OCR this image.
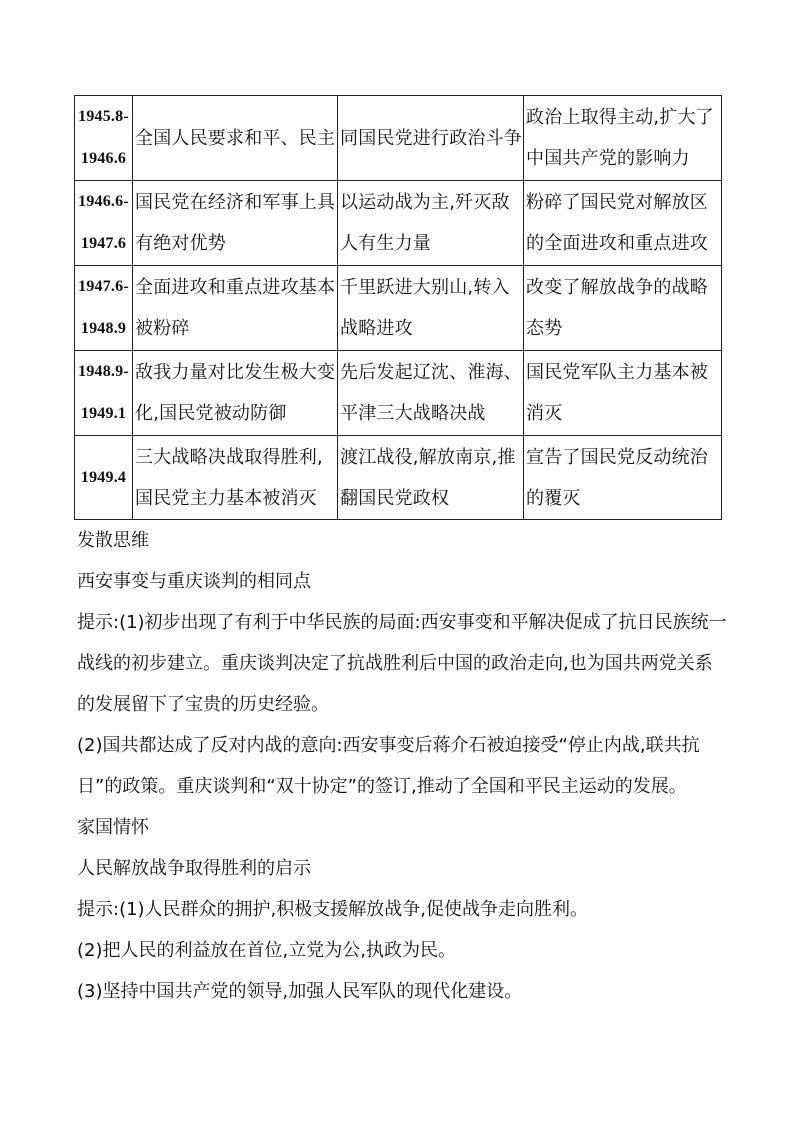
1945.8-
1946.6	全国人民要求和平、民主	同国民党进行政治斗争	政治上取得主动,扩大了中国共产党的影响力
1946.6-
1947.6	国民党在经济和军事上具有绝对优势	以运动战为主,歼灭敌人有生力量	粉碎了国民党对解放区的全面进攻和重点进攻
1947.6-
1948.9	全面进攻和重点进攻基本被粉碎	千里跃进大别山,转入战略进攻	改变了解放战争的战略态势
1948.9-
1949.1	敌我力量对比发生极大变化,国民党被动防御	先后发起辽沈、淮海、平津三大战略决战	国民党军队主力基本被消灭
1949.4	三大战略决战取得胜利,国民党主力基本被消灭	渡江战役,解放南京,推翻国民党政权	宣告了国民党反动统治的覆灭

发散思维

西安事变与重庆谈判的相同点

提示:(1)初步出现了有利于中华民族的局面:西安事变和平解决促成了抗日民族统一战线的初步建立。重庆谈判决定了抗战胜利后中国的政治走向,也为国共两党关系的发展留下了宝贵的历史经验。

(2)国共都达成了反对内战的意向:西安事变后蒋介石被迫接受“停止内战,联共抗日”的政策。重庆谈判和“双十协定”的签订,推动了全国和平民主运动的发展。

家国情怀

人民解放战争取得胜利的启示

提示:(1)人民群众的拥护,积极支援解放战争,促使战争走向胜利。

(2)把人民的利益放在首位,立党为公,执政为民。

(3)坚持中国共产党的领导,加强人民军队的现代化建设。
